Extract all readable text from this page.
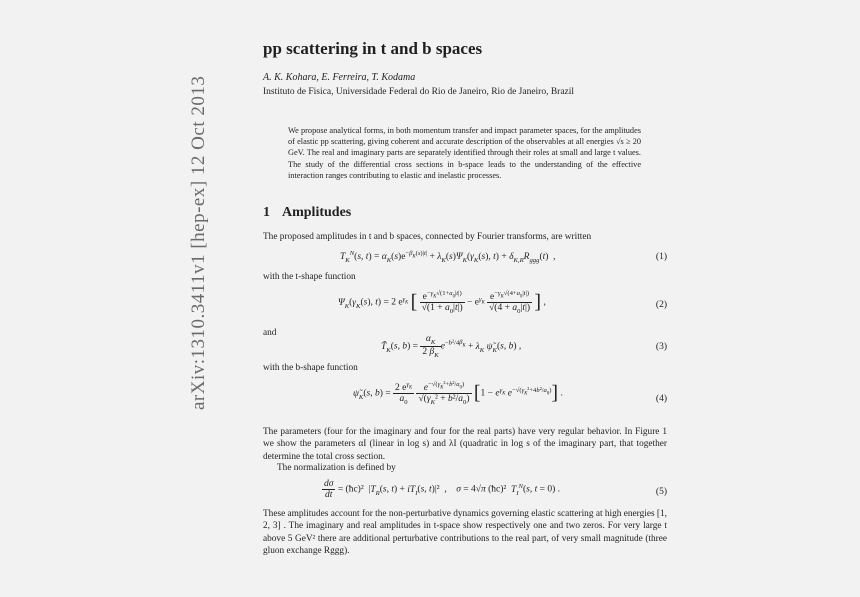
arXiv:1310.3411v1 [hep-ex] 12 Oct 2013
pp scattering in t and b spaces
A. K. Kohara, E. Ferreira, T. Kodama
Instituto de Fisica, Universidade Federal do Rio de Janeiro, Rio de Janeiro, Brazil
We propose analytical forms, in both momentum transfer and impact parameter spaces, for the amplitudes of elastic pp scattering, giving coherent and accurate description of the observables at all energies √s ≥ 20 GeV. The real and imaginary parts are separately identified through their roles at small and large t values. The study of the differential cross sections in b-space leads to the understanding of the effective interaction ranges contributing to elastic and inelastic processes.
1 Amplitudes
The proposed amplitudes in t and b spaces, connected by Fourier transforms, are written
$T_K^N(s$, $t) = \alpha_K(s)e^{-\beta_K(s)|t|} + \lambda_K(s)\Psi_K(\gamma_K(s)$, $t) + \delta_{K,R}R_{ggg}(t)$  ,	(1)
with the t-shape function
$\Psi_K(\gamma_K(s)$, t) = 2 $e^{\gamma_K}$ [ $\frac{e^{-\gamma_K√(1+a_0|t|)}}{√(1 + a_0|t|)} - e^{\gamma_K} \frac{e^{-\gamma_K√(4+a_0|t|)}}{√(4 + a_0|t|)}$ ] ,	(2)
and
$T̃_K(s$, $b) = \frac{\alpha_K}{2 \beta_K} e^{-b^2/4\beta_K} + \lambda_K$ $\psĩ_K(s$, b) ,	(3)
with the b-shape function
$\psĩ_K(s$, $b) = \frac{2 e^{\gamma_K}}{a_0}$
$\frac{e^{-√(\gamma_K^2+b^2/a_0)}}{√(\gamma_K^2 + b^2/a_0)} [1 - e^{\gamma_K}$ $e^{-√(\gamma_K^2+4b^2/a_0)}$] .
(4)
The parameters (four for the imaginary and four for the real parts) have very regular behavior. In Figure 1 we show the parameters αI (linear in log s) and λI (quadratic in log s of the imaginary part, that together determine the total cross section.
The normalization is defined by
$\frac{d\sigma}{dt}$ = (ħc)²  $|T_R(s$, $t) + iT_I(s$, t)|²  ,    σ = 4√π (ħc)²  $T_I^N(s$, t = 0) .	(5)
These amplitudes account for the non-perturbative dynamics governing elastic scattering at high energies [1, 2, 3] . The imaginary and real amplitudes in t-space show respectively one and two zeros. For very large t above 5 GeV² there are additional perturbative contributions to the real part, of very small magnitude (three gluon exchange Rggg).
